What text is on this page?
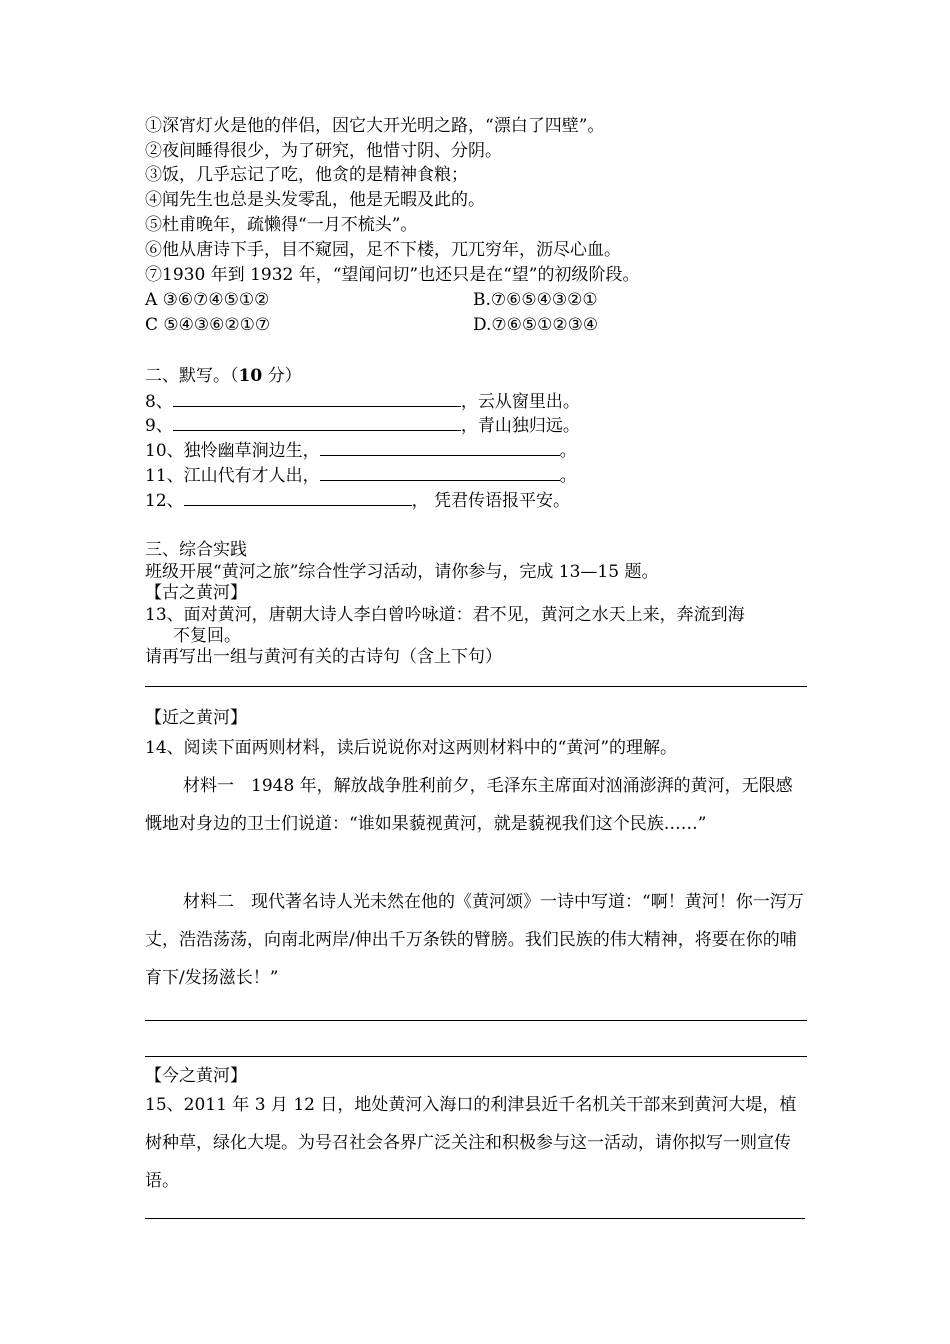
①深宵灯火是他的伴侣，因它大开光明之路，“漂白了四壁”。
②夜间睡得很少，为了研究，他惜寸阴、分阴。
③饭，几乎忘记了吃，他贪的是精神食粮；
④闻先生也总是头发零乱，他是无暇及此的。
⑤杜甫晚年，疏懒得“一月不梳头”。
⑥他从唐诗下手，目不窥园，足不下楼，兀兀穷年，沥尽心血。
⑦1930 年到 1932 年，“望闻问切”也还只是在“望”的初级阶段。
A ③⑥⑦④⑤①②	B.⑦⑥⑤④③②①
C ⑤④③⑥②①⑦	D.⑦⑥⑤①②③④
二、默写。（10 分）
8、	，云从窗里出。
9、	，青山独归远。
10、独怜幽草涧边生，	。
11、江山代有才人出，	。
12、	， 凭君传语报平安。
三、综合实践
班级开展“黄河之旅”综合性学习活动，请你参与，完成 13—15 题。
【古之黄河】
13、面对黄河，唐朝大诗人李白曾吟咏道：君不见，黄河之水天上来，奔流到海
不复回。
请再写出一组与黄河有关的古诗句（含上下句）
【近之黄河】
14、阅读下面两则材料，读后说说你对这两则材料中的“黄河”的理解。
材料一　1948 年，解放战争胜利前夕，毛泽东主席面对汹涌澎湃的黄河，无限感慨地对身边的卫士们说道：“谁如果藐视黄河，就是藐视我们这个民族……”
材料二　现代著名诗人光未然在他的《黄河颂》一诗中写道：“啊！黄河！你一泻万丈，浩浩荡荡，向南北两岸/伸出千万条铁的臂膀。我们民族的伟大精神，将要在你的哺育下/发扬滋长！”
【今之黄河】
15、2011 年 3 月 12 日，地处黄河入海口的利津县近千名机关干部来到黄河大堤，植树种草，绿化大堤。为号召社会各界广泛关注和积极参与这一活动，请你拟写一则宣传语。
